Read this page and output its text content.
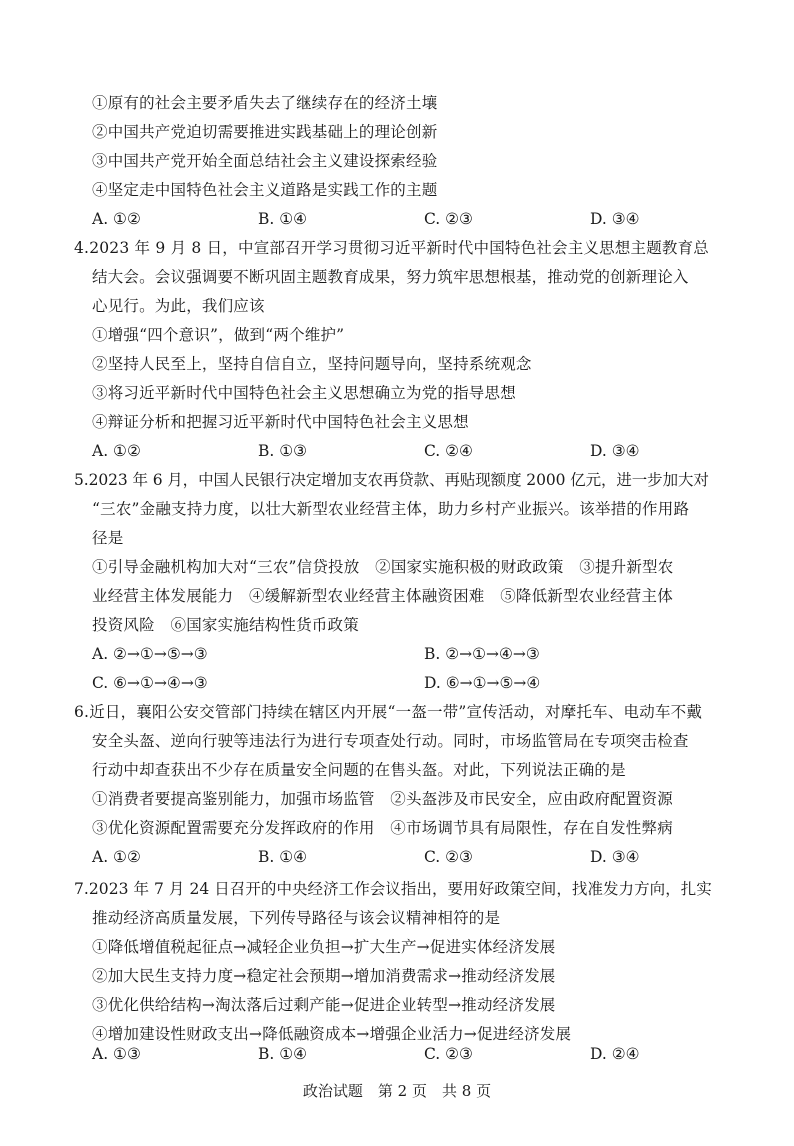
①原有的社会主要矛盾失去了继续存在的经济土壤
②中国共产党迫切需要推进实践基础上的理论创新
③中国共产党开始全面总结社会主义建设探索经验
④坚定走中国特色社会主义道路是实践工作的主题
A. ①②	B. ①④	C. ②③	D. ③④
4.2023 年 9 月 8 日，中宣部召开学习贯彻习近平新时代中国特色社会主义思想主题教育总
结大会。会议强调要不断巩固主题教育成果，努力筑牢思想根基，推动党的创新理论入
心见行。为此，我们应该
①增强“四个意识”，做到“两个维护”
②坚持人民至上，坚持自信自立，坚持问题导向，坚持系统观念
③将习近平新时代中国特色社会主义思想确立为党的指导思想
④辩证分析和把握习近平新时代中国特色社会主义思想
A. ①②	B. ①③	C. ②④	D. ③④
5.2023 年 6 月，中国人民银行决定增加支农再贷款、再贴现额度 2000 亿元，进一步加大对
“三农”金融支持力度，以壮大新型农业经营主体，助力乡村产业振兴。该举措的作用路
径是
①引导金融机构加大对“三农”信贷投放　②国家实施积极的财政政策　③提升新型农
业经营主体发展能力　④缓解新型农业经营主体融资困难　⑤降低新型农业经营主体
投资风险　⑥国家实施结构性货币政策
A. ②→①→⑤→③	B. ②→①→④→③
C. ⑥→①→④→③	D. ⑥→①→⑤→④
6.近日，襄阳公安交管部门持续在辖区内开展“一盔一带”宣传活动，对摩托车、电动车不戴
安全头盔、逆向行驶等违法行为进行专项查处行动。同时，市场监管局在专项突击检查
行动中却查获出不少存在质量安全问题的在售头盔。对此，下列说法正确的是
①消费者要提高鉴别能力，加强市场监管　②头盔涉及市民安全，应由政府配置资源
③优化资源配置需要充分发挥政府的作用　④市场调节具有局限性，存在自发性弊病
A. ①②	B. ①④	C. ②③	D. ③④
7.2023 年 7 月 24 日召开的中央经济工作会议指出，要用好政策空间，找准发力方向，扎实
推动经济高质量发展，下列传导路径与该会议精神相符的是
①降低增值税起征点→减轻企业负担→扩大生产→促进实体经济发展
②加大民生支持力度→稳定社会预期→增加消费需求→推动经济发展
③优化供给结构→淘汰落后过剩产能→促进企业转型→推动经济发展
④增加建设性财政支出→降低融资成本→增强企业活力→促进经济发展
A. ①③	B. ①④	C. ②③	D. ②④
政治试题　第 2 页　共 8 页
